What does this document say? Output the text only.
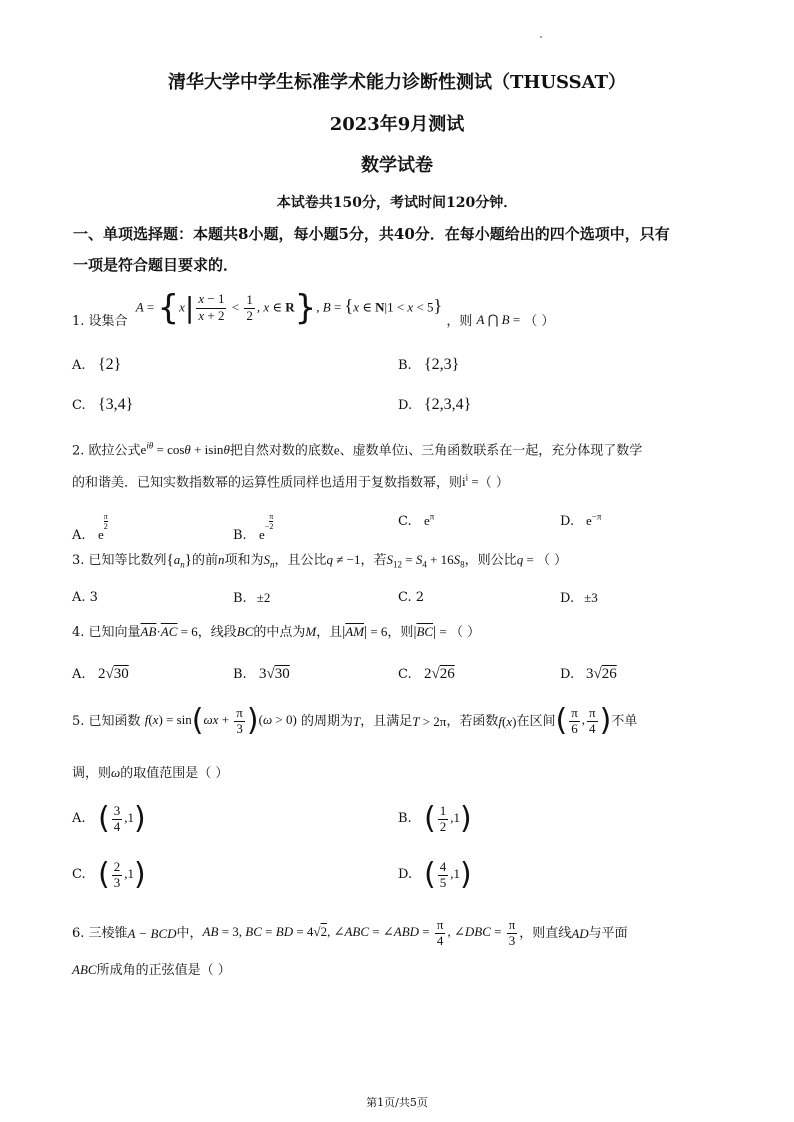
清华大学中学生标准学术能力诊断性测试（THUSSAT）
2023年9月测试
数学试卷
本试卷共150分，考试时间120分钟．
一、单项选择题：本题共8小题，每小题5分，共40分．在每小题给出的四个选项中，只有
一项是符合题目要求的．
1. 设集合 $A = \{x| \frac{x - 1}{x + 2} < \frac{1}{2}$ , x ∈ R}, B = {x ∈ N|1 < x < 5} ，则 A ⋂ B = （ ）
A. {2}	B. {2,3}
C. {3,4}	D. {2,3,4}
2. 欧拉公式$e^{i\theta} = \cos\theta + isin\theta$把自然对数的底数e、虚数单位i、三角函数联系在一起，充分体现了数学
的和谐美．已知实数指数幂的运算性质同样也适用于复数指数幂，则$i^i$ =（ ）
A. e
$^{\frac{\pi}{2}}$
B. $e^{- \frac{\pi}{2}}$	C. $e^\pi$	D. $e^{-\pi}$
3. 已知等比数列$\{a_n\}$的前n项和为$S_n$，且公比q ≠ −1，若$S_{12} = S_4 + 16S_8$，则公比q = （ ）
A. 3	B. ±2	C. 2	D. ±3
4. 已知向量$\overline{AB}\cdot\overline{AC} = 6$，线段BC的中点为M，且$|\overline{AM}| = 6$，则$|\overline{BC}|$ = （ ）
A. 2√30	B. 3√30	C. 2√26	D. 3√26
5. 已知函数 $f(x) = \sin(\omega x + \frac{\pi}{3} )(\omega > 0)$ 的周期为T，且满足T > 2π，若函数f(x)在区间( $\frac{\pi}{6}$ , $\frac{\pi}{4}$ )不单
调，则ω的取值范围是（ ）
A. ( $\frac{3}{4} ,1$)	B. ( $\frac{1}{2} ,1$)
C. ( $\frac{2}{3} ,1$)	D. ( $\frac{4}{5} ,1$)
6. 三棱锥A − BCD中，AB = 3, BC = BD = 4√2, ∠ABC = ∠ABD = $\frac{\pi}{4}$ , ∠DBC = $\frac{\pi}{3}$ ，则直线AD与平面
ABC所成角的正弦值是（ ）
第1页/共5页
